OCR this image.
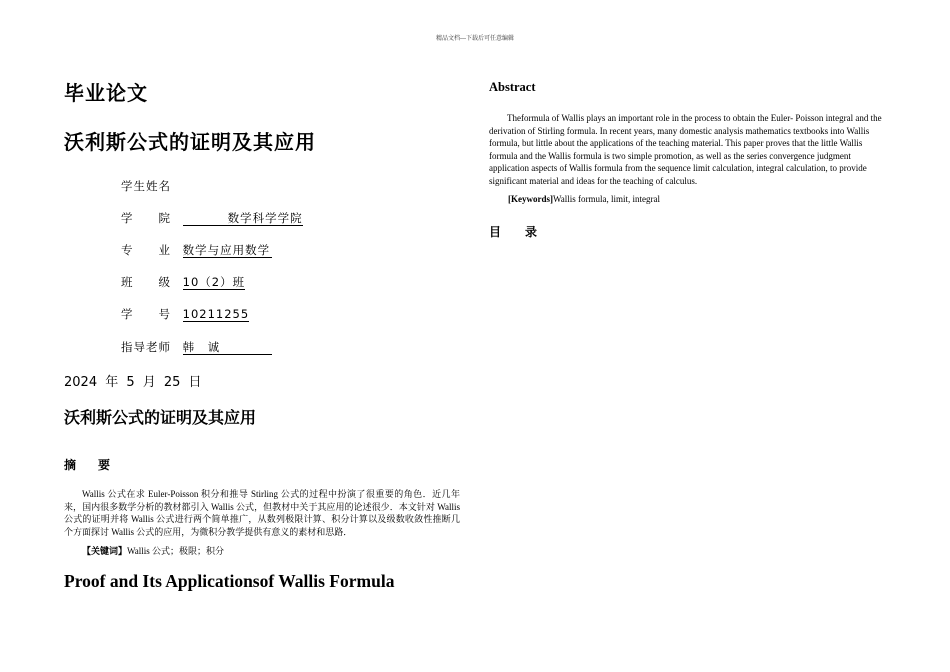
精品文档---下载后可任意编辑
毕业论文
沃利斯公式的证明及其应用
学生姓名
学 院	数学科学学院
专 业 数学与应用数学
班 级 10（2）班
学 号 10211255
指导老师 韩　诚
2024 年 5 月 25 日
沃利斯公式的证明及其应用
摘 要
Wallis 公式在求 Euler-Poisson 积分和推导 Stirling 公式的过程中扮演了很重要的角色．近几年来，国内很多数学分析的教材都引入 Wallis 公式，但教材中关于其应用的论述很少．本文针对 Wallis 公式的证明并将 Wallis 公式进行两个简单推广，从数列极限计算、积分计算以及级数收敛性推断几个方面探讨 Wallis 公式的应用，为微积分教学提供有意义的素材和思路．
【关键词】Wallis 公式；极限；积分
Proof and Its Applicationsof Wallis Formula
Abstract
Theformula of Wallis plays an important role in the process to obtain the Euler- Poisson integral and the derivation of Stirling formula. In recent years, many domestic analysis mathematics textbooks into Wallis formula, but little about the applications of the teaching material. This paper proves that the little Wallis formula and the Wallis formula is two simple promotion, as well as the series convergence judgment application aspects of Wallis formula from the sequence limit calculation, integral calculation, to provide significant material and ideas for the teaching of calculus.
[Keywords]Wallis formula, limit, integral
目 录
